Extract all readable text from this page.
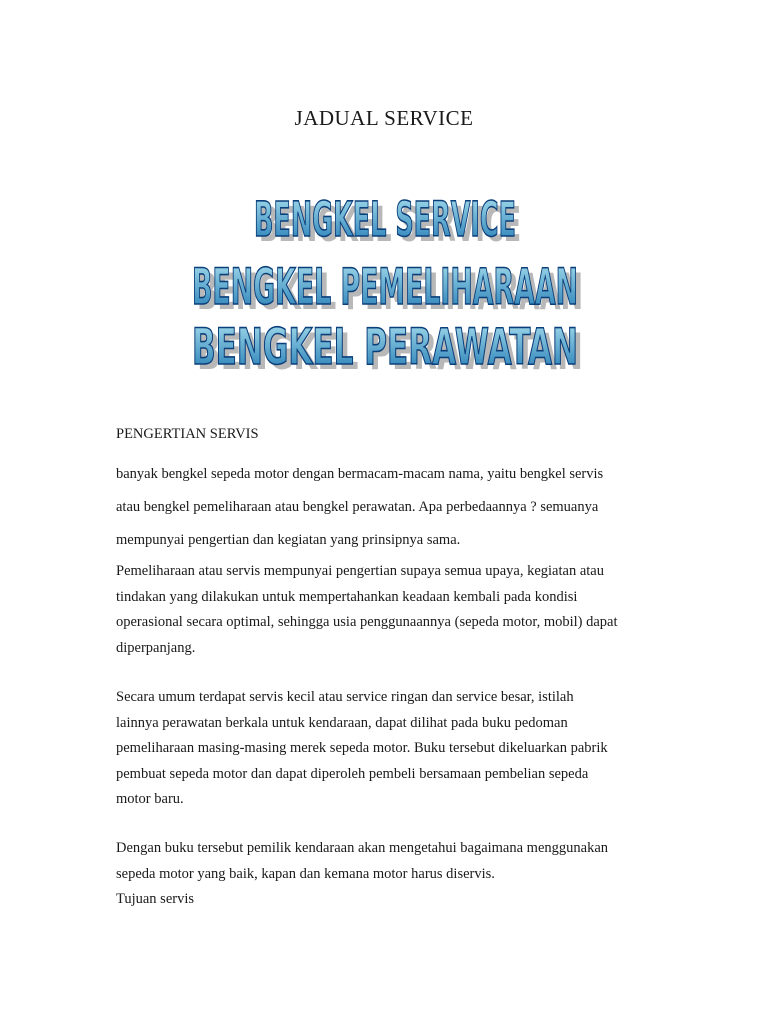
JADUAL SERVICE
BENGKEL SERVICE
BENGKEL PEMELIHARAAN
BENGKEL PERAWATAN
BENGKEL SERVICE
BENGKEL PEMELIHARAAN
BENGKEL PERAWATAN

PENGERTIAN SERVIS

banyak bengkel sepeda motor dengan bermacam-macam nama, yaitu bengkel servis
atau bengkel pemeliharaan atau bengkel perawatan. Apa perbedaannya ? semuanya
mempunyai pengertian dan kegiatan yang prinsipnya sama.

Pemeliharaan atau servis mempunyai pengertian supaya semua upaya, kegiatan atau
tindakan yang dilakukan untuk mempertahankan keadaan kembali pada kondisi
operasional secara optimal, sehingga usia penggunaannya (sepeda motor, mobil) dapat
diperpanjang.

Secara umum terdapat servis kecil atau service ringan dan service besar, istilah
lainnya perawatan berkala untuk kendaraan, dapat dilihat pada buku pedoman
pemeliharaan masing-masing merek sepeda motor. Buku tersebut dikeluarkan pabrik
pembuat sepeda motor dan dapat diperoleh pembeli bersamaan pembelian sepeda
motor baru.

Dengan buku tersebut pemilik kendaraan akan mengetahui bagaimana menggunakan
sepeda motor yang baik, kapan dan kemana motor harus diservis.

Tujuan servis
